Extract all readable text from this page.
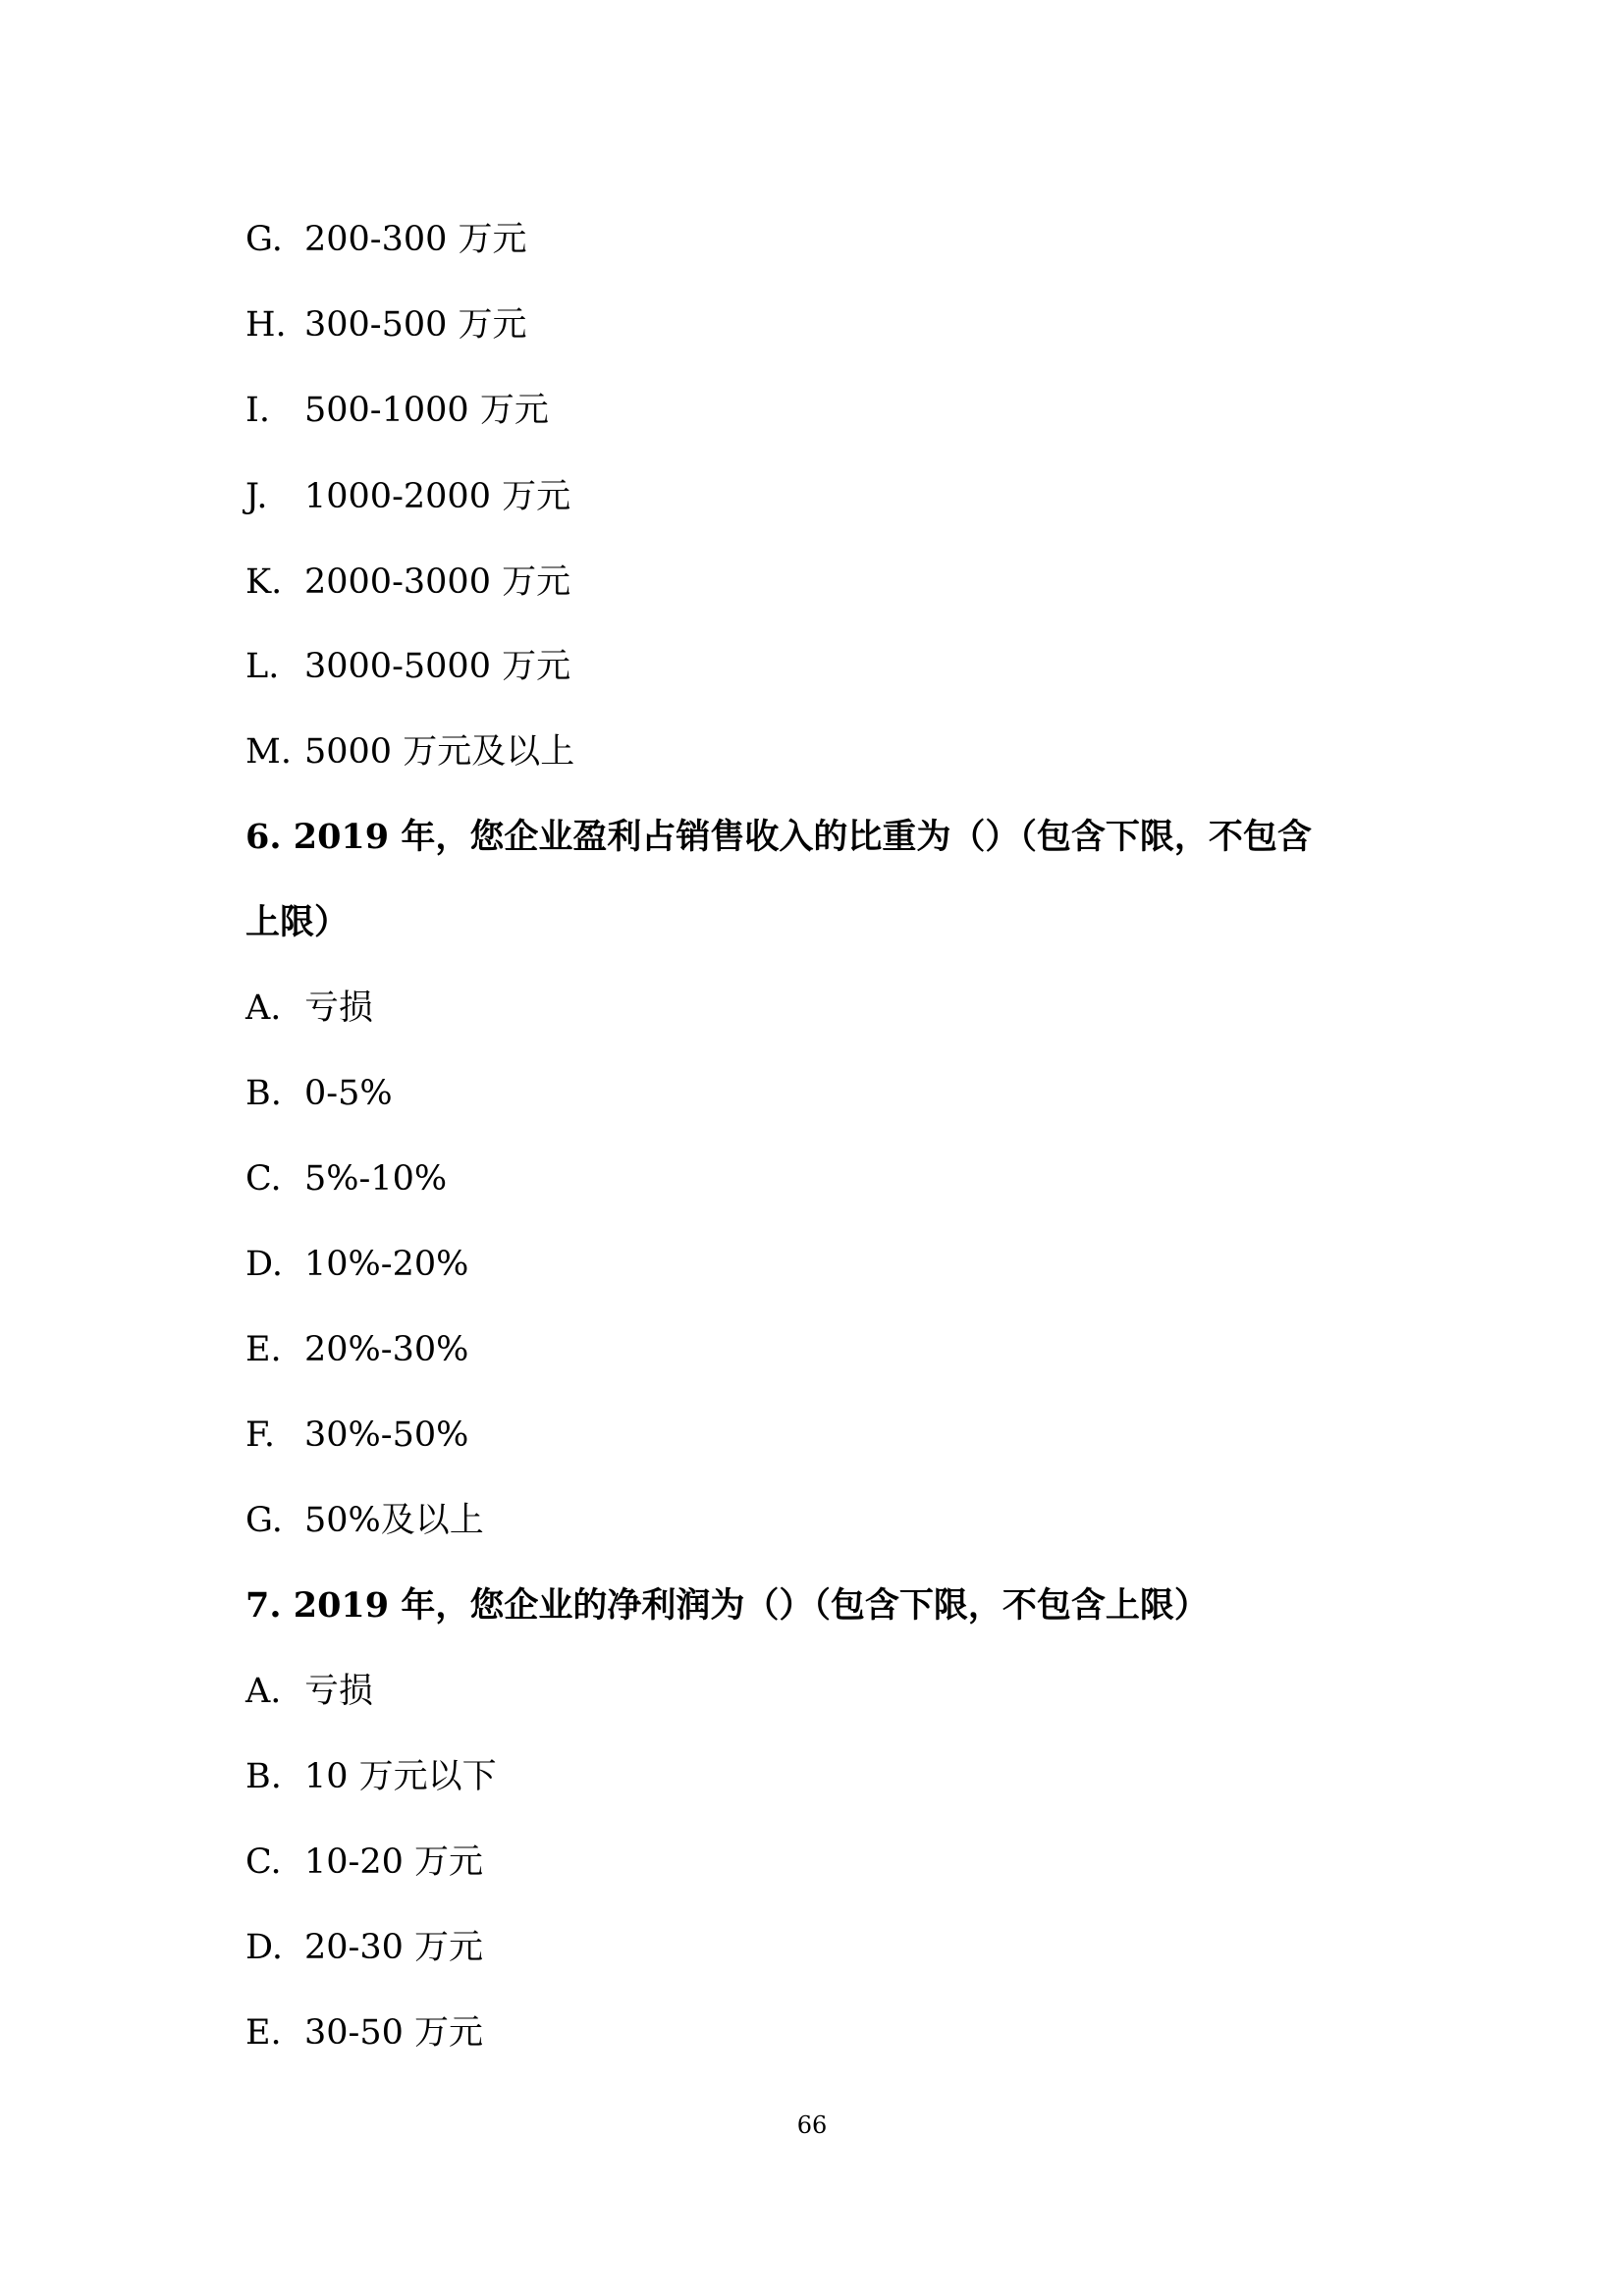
G. 200-300 万元
H. 300-500 万元
I. 500-1000 万元
J. 1000-2000 万元
K. 2000-3000 万元
L. 3000-5000 万元
M. 5000 万元及以上
6. 2019 年，您企业盈利占销售收入的比重为（）（包含下限，不包含
上限）
A. 亏损
B. 0-5%
C. 5%-10%
D. 10%-20%
E. 20%-30%
F. 30%-50%
G. 50%及以上
7. 2019 年，您企业的净利润为（）（包含下限，不包含上限）
A. 亏损
B. 10 万元以下
C. 10-20 万元
D. 20-30 万元
E. 30-50 万元
66
